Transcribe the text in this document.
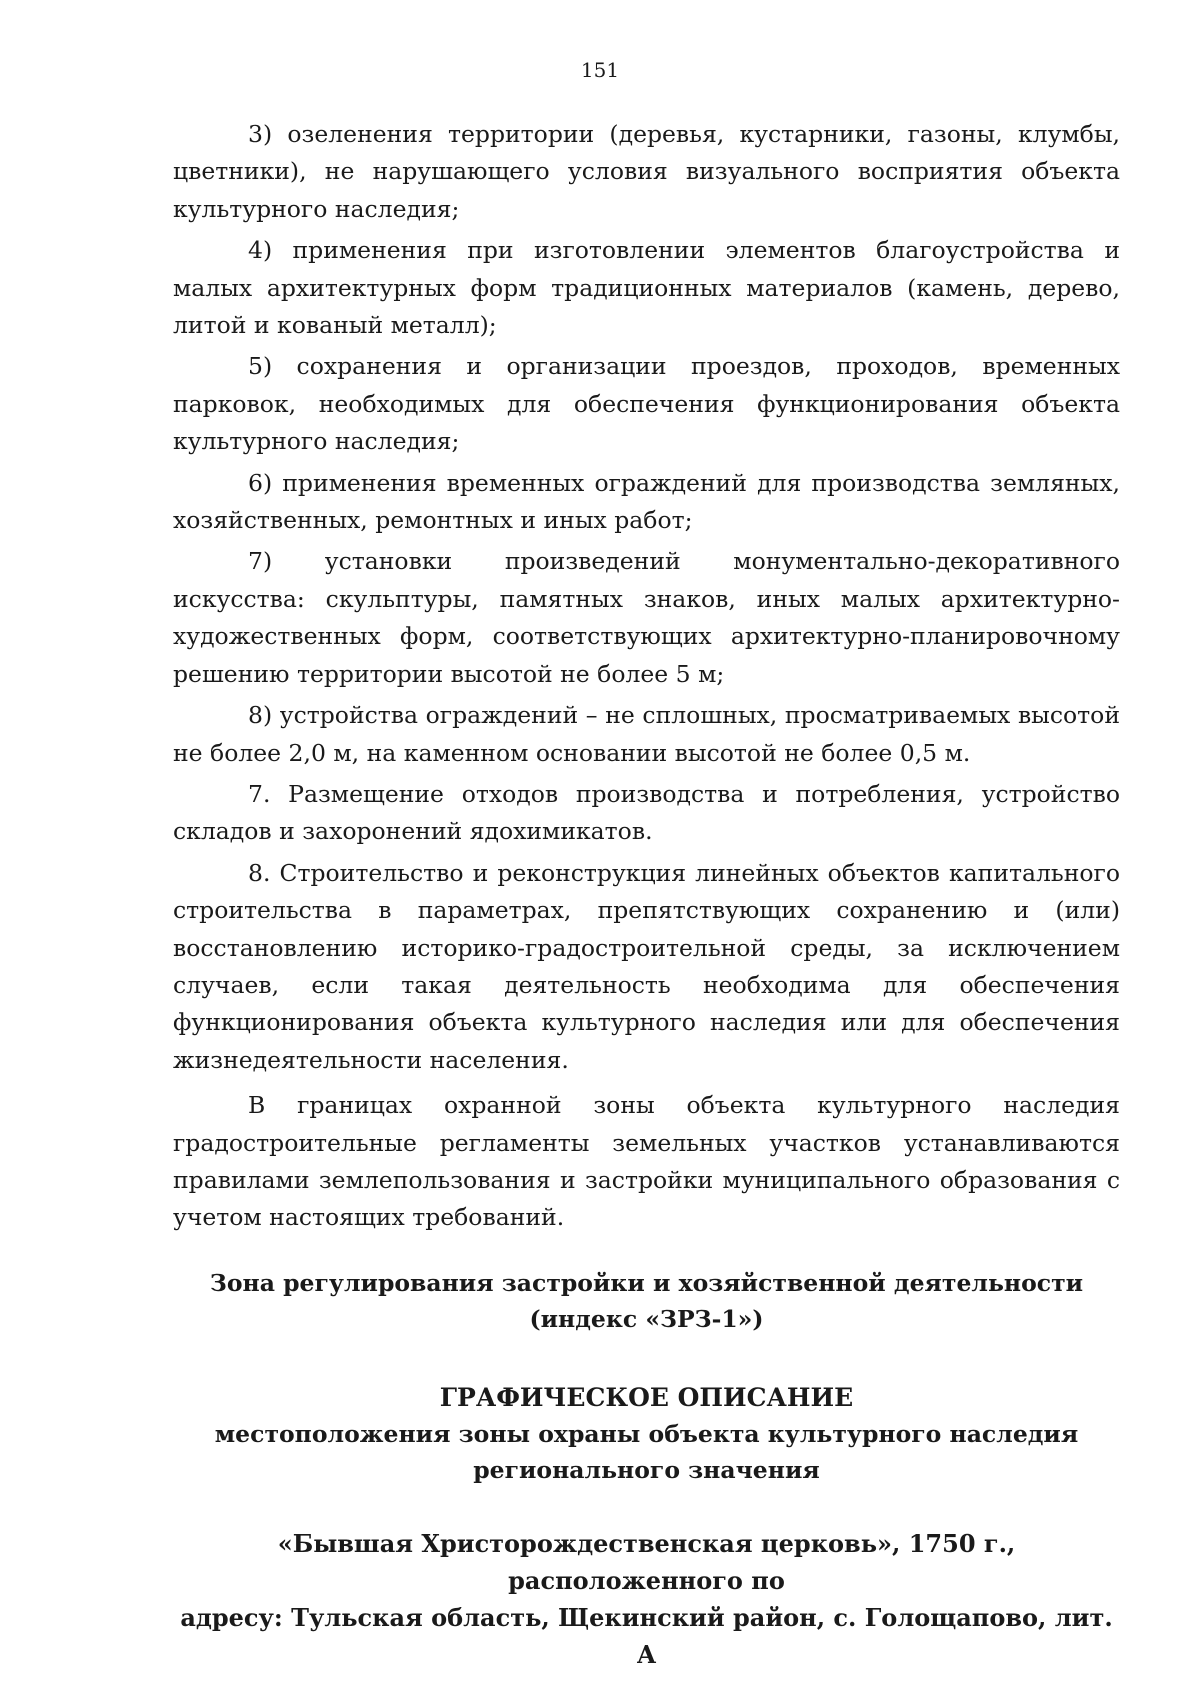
151

3) озеленения территории (деревья, кустарники, газоны, клумбы, цветники), не нарушающего условия визуального восприятия объекта культурного наследия;

4) применения при изготовлении элементов благоустройства и малых архитектурных форм традиционных материалов (камень, дерево, литой и кованый металл);

5) сохранения и организации проездов, проходов, временных парковок, необходимых для обеспечения функционирования объекта культурного наследия;

6) применения временных ограждений для производства земляных, хозяйственных, ремонтных и иных работ;

7) установки произведений монументально-декоративного искусства: скульптуры, памятных знаков, иных малых архитектурно-художественных форм, соответствующих архитектурно-планировочному решению территории высотой не более 5 м;

8) устройства ограждений – не сплошных, просматриваемых высотой не более 2,0 м, на каменном основании высотой не более 0,5 м.

7. Размещение отходов производства и потребления, устройство складов и захоронений ядохимикатов.

8. Строительство и реконструкция линейных объектов капитального строительства в параметрах, препятствующих сохранению и (или) восстановлению историко-градостроительной среды, за исключением случаев, если такая деятельность необходима для обеспечения функционирования объекта культурного наследия или для обеспечения жизнедеятельности населения.

В границах охранной зоны объекта культурного наследия градостроительные регламенты земельных участков устанавливаются правилами землепользования и застройки муниципального образования с учетом настоящих требований.

Зона регулирования застройки и хозяйственной деятельности

(индекс «ЗРЗ-1»)

ГРАФИЧЕСКОЕ ОПИСАНИЕ

местоположения зоны охраны объекта культурного наследия

регионального значения

«Бывшая Христорождественская церковь», 1750 г., расположенного по

адресу: Тульская область, Щекинский район, с. Голощапово, лит. А
